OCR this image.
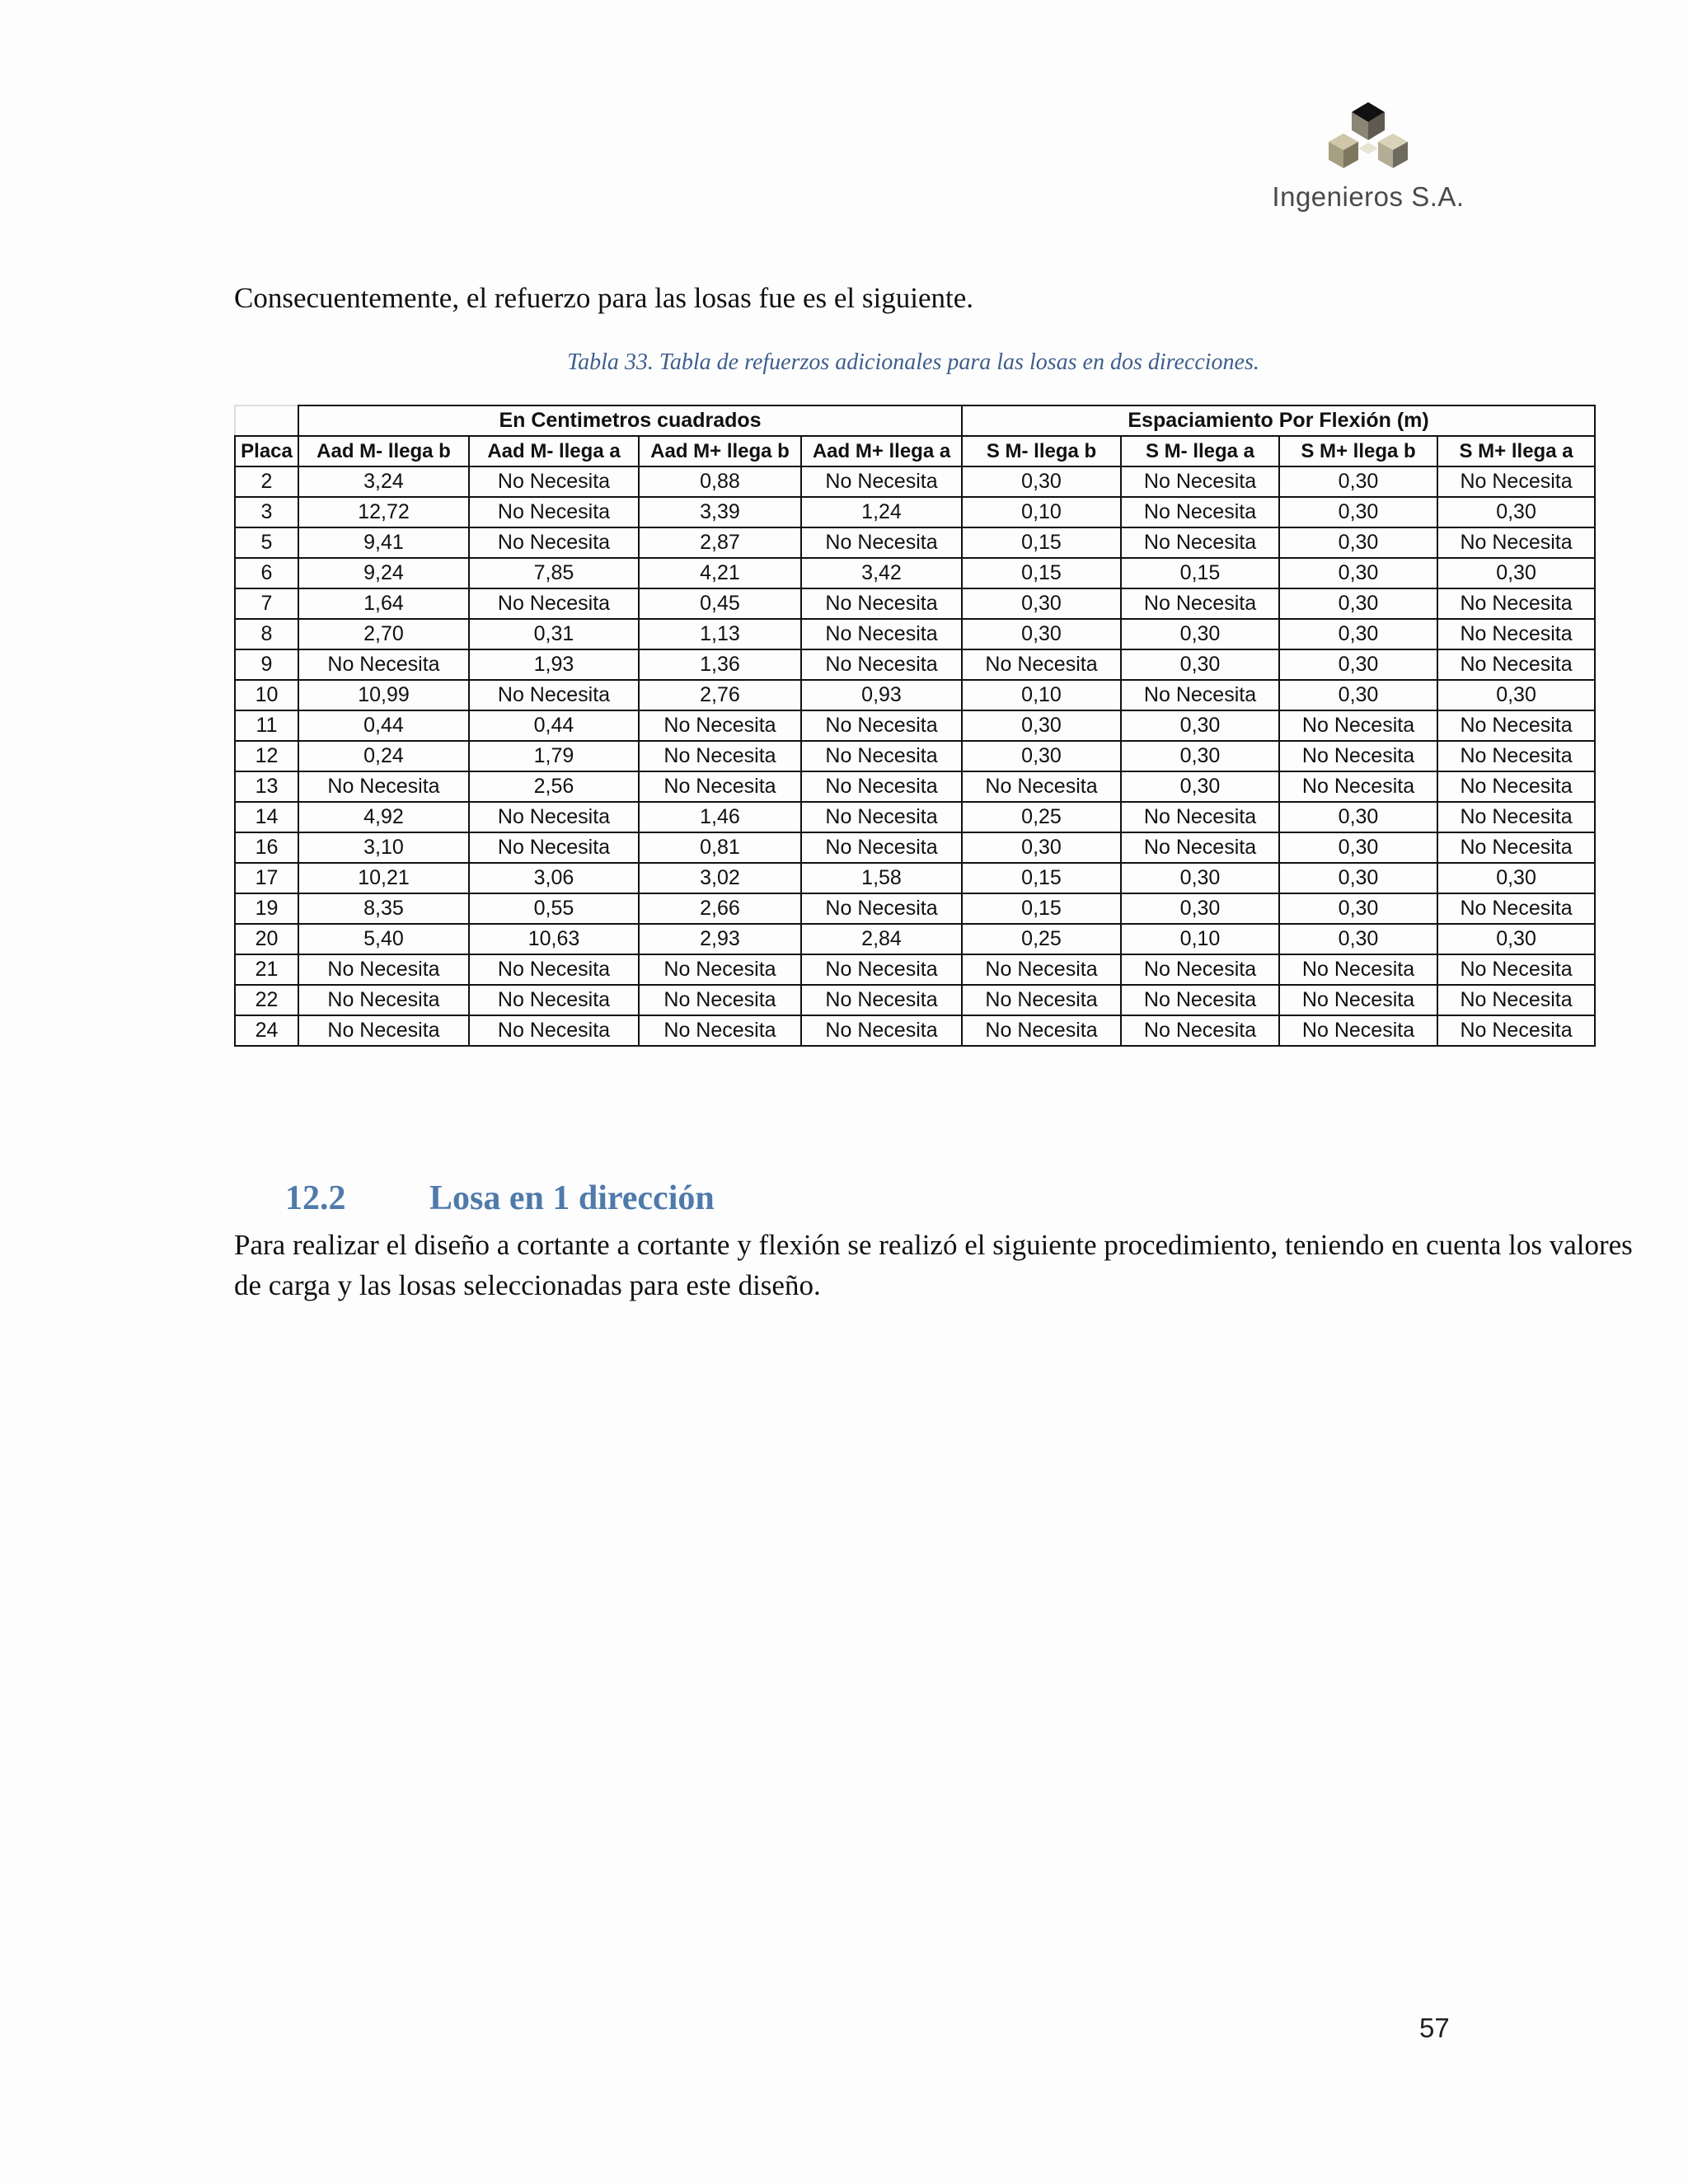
Ingenieros S.A.
Consecuentemente, el refuerzo para las losas fue es el siguiente.
Tabla 33. Tabla de refuerzos adicionales para las losas en dos direcciones.
	En Centimetros cuadrados				Espaciamiento Por Flexión (m)			
Placa	Aad M- llega b	Aad M- llega a	Aad M+ llega b	Aad M+ llega a	S M- llega b	S M- llega a	S M+ llega b	S M+ llega a
2	3,24	No Necesita	0,88	No Necesita	0,30	No Necesita	0,30	No Necesita
3	12,72	No Necesita	3,39	1,24	0,10	No Necesita	0,30	0,30
5	9,41	No Necesita	2,87	No Necesita	0,15	No Necesita	0,30	No Necesita
6	9,24	7,85	4,21	3,42	0,15	0,15	0,30	0,30
7	1,64	No Necesita	0,45	No Necesita	0,30	No Necesita	0,30	No Necesita
8	2,70	0,31	1,13	No Necesita	0,30	0,30	0,30	No Necesita
9	No Necesita	1,93	1,36	No Necesita	No Necesita	0,30	0,30	No Necesita
10	10,99	No Necesita	2,76	0,93	0,10	No Necesita	0,30	0,30
11	0,44	0,44	No Necesita	No Necesita	0,30	0,30	No Necesita	No Necesita
12	0,24	1,79	No Necesita	No Necesita	0,30	0,30	No Necesita	No Necesita
13	No Necesita	2,56	No Necesita	No Necesita	No Necesita	0,30	No Necesita	No Necesita
14	4,92	No Necesita	1,46	No Necesita	0,25	No Necesita	0,30	No Necesita
16	3,10	No Necesita	0,81	No Necesita	0,30	No Necesita	0,30	No Necesita
17	10,21	3,06	3,02	1,58	0,15	0,30	0,30	0,30
19	8,35	0,55	2,66	No Necesita	0,15	0,30	0,30	No Necesita
20	5,40	10,63	2,93	2,84	0,25	0,10	0,30	0,30
21	No Necesita	No Necesita	No Necesita	No Necesita	No Necesita	No Necesita	No Necesita	No Necesita
22	No Necesita	No Necesita	No Necesita	No Necesita	No Necesita	No Necesita	No Necesita	No Necesita
24	No Necesita	No Necesita	No Necesita	No Necesita	No Necesita	No Necesita	No Necesita	No Necesita
12.2 Losa en 1 dirección
Para realizar el diseño a cortante a cortante y flexión se realizó el siguiente procedimiento, teniendo en cuenta los valores de carga y las losas seleccionadas para este diseño.
57
